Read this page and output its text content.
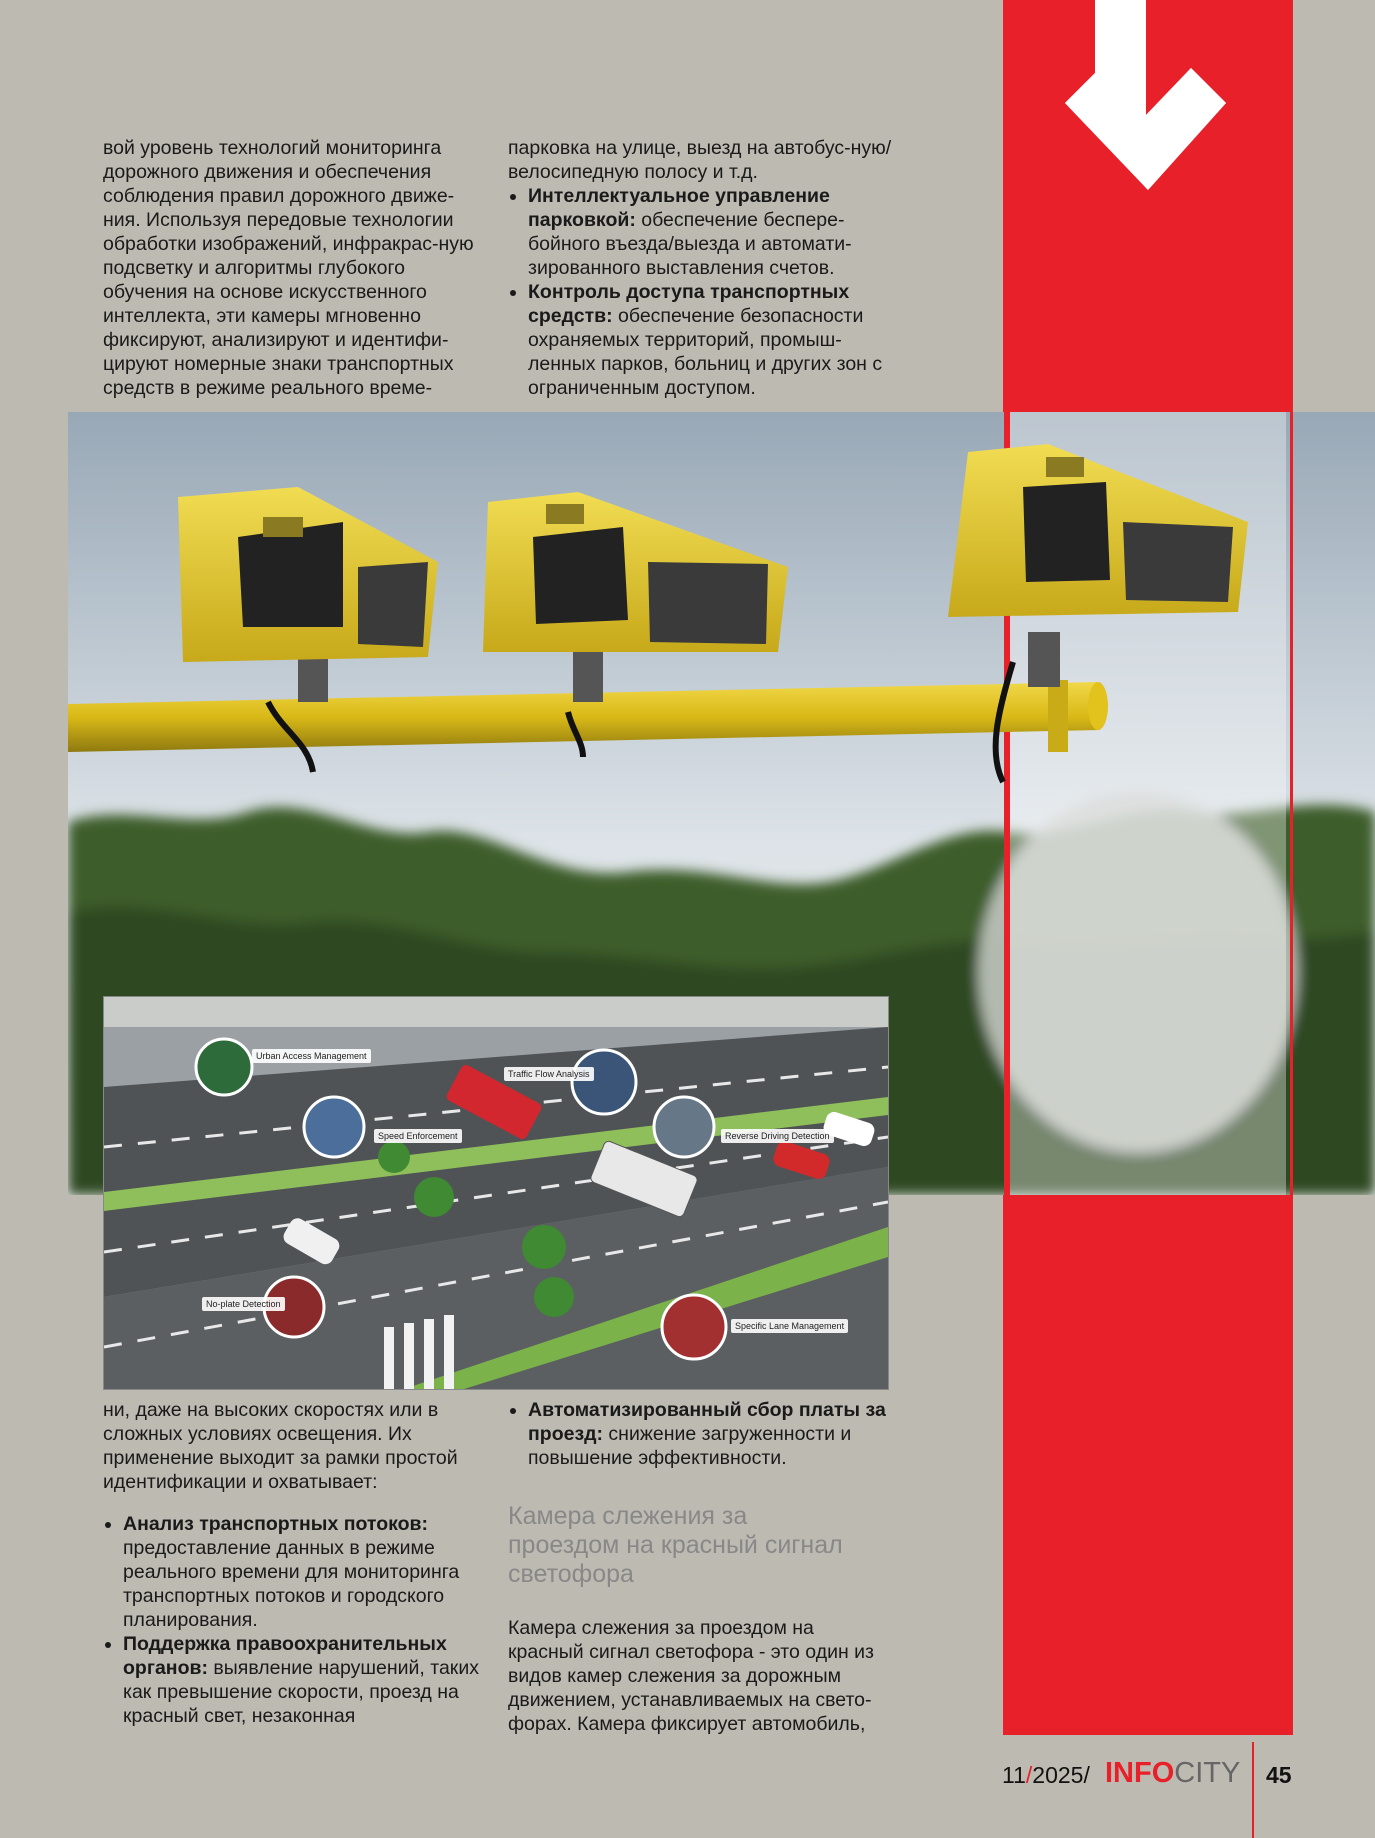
вой уровень технологий мониторинга дорожного движения и обеспечения соблюдения правил дорожного движе-ния. Используя передовые технологии обработки изображений, инфракрас-ную подсветку и алгоритмы глубокого обучения на основе искусственного интеллекта, эти камеры мгновенно фиксируют, анализируют и идентифи-цируют номерные знаки транспортных средств в режиме реального време-

парковка на улице, выезд на автобус-ную/велосипедную полосу и т.д.

• Интеллектуальное управление парковкой: обеспечение беспере-бойного въезда/выезда и автомати-зированного выставления счетов.
• Контроль доступа транспортных средств: обеспечение безопасности охраняемых территорий, промыш-ленных парков, больниц и других зон с ограниченным доступом.
Urban Access Management
Traffic Flow Analysis
Speed Enforcement	Reverse Driving Detection
No-plate Detection
Specific Lane Management

ни, даже на высоких скоростях или в сложных условиях освещения. Их применение выходит за рамки простой идентификации и охватывает:

• Анализ транспортных потоков: предоставление данных в режиме реального времени для мониторинга транспортных потоков и городского планирования.
• Поддержка правоохранительных органов: выявление нарушений, таких как превышение скорости, проезд на красный свет, незаконная
• Автоматизированный сбор платы за проезд: снижение загруженности и повышение эффективности.
Камера слежения за проездом на красный сигнал светофора

Камера слежения за проездом на красный сигнал светофора - это один из видов камер слежения за дорожным движением, устанавливаемых на свето-форах. Камера фиксирует автомобиль,

11/2025/ INFOCITY 45
